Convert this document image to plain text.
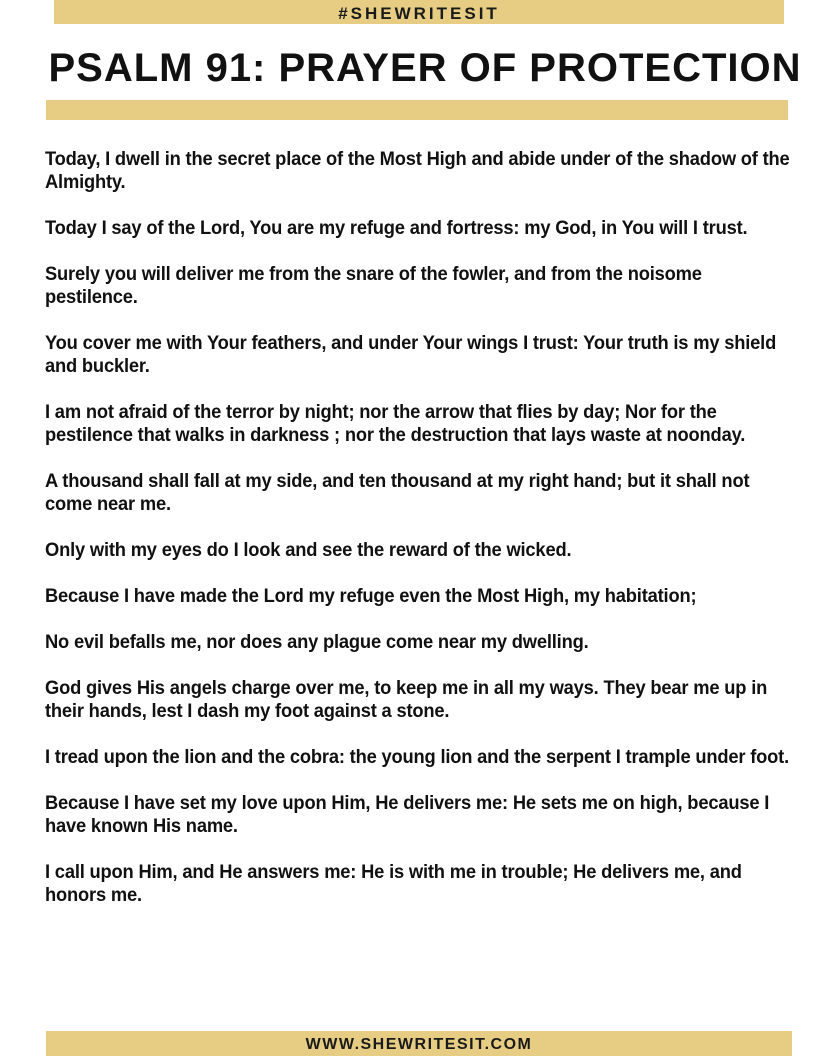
#SHEWRITESIT
PSALM 91: PRAYER OF PROTECTION

Today, I dwell in the secret place of the Most High and abide under of the shadow of the Almighty.

Today I say of the Lord, You are my refuge and fortress: my God, in You will I trust.

Surely you will deliver me from the snare of the fowler, and from the noisome pestilence.

You cover me with Your feathers, and under Your wings I trust: Your truth is my shield and buckler.

I am not afraid of the terror by night; nor the arrow that flies by day; Nor for the pestilence that walks in darkness ; nor the destruction that lays waste at noonday.

A thousand shall fall at my side, and ten thousand at my right hand; but it shall not come near me.

Only with my eyes do I look and see the reward of the wicked.

Because I have made the Lord my refuge even the Most High, my habitation;

No evil befalls me, nor does any plague come near my dwelling.

God gives His angels charge over me, to keep me in all my ways. They bear me up in their hands, lest I dash my foot against a stone.

I tread upon the lion and the cobra: the young lion and the serpent I trample under foot.

Because I have set my love upon Him, He delivers me: He sets me on high, because I have known His name.

I call upon Him, and He answers me: He is with me in trouble; He delivers me, and honors me.

WWW.SHEWRITESIT.COM
